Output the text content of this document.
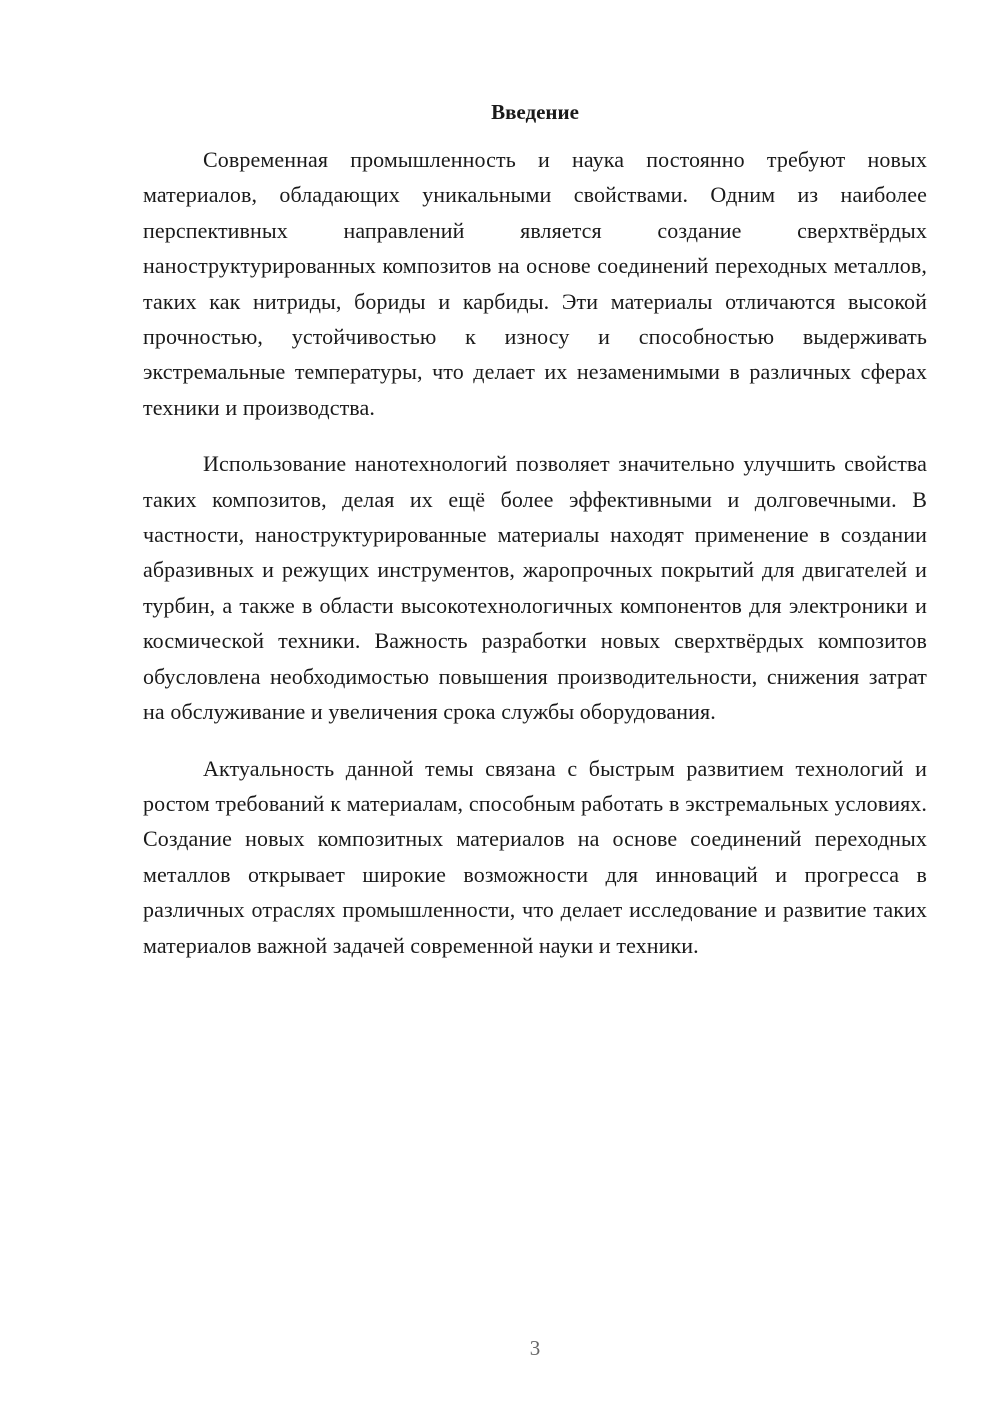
Введение

Современная промышленность и наука постоянно требуют новых материалов, обладающих уникальными свойствами. Одним из наиболее перспективных направлений является создание сверхтвёрдых наноструктурированных композитов на основе соединений переходных металлов, таких как нитриды, бориды и карбиды. Эти материалы отличаются высокой прочностью, устойчивостью к износу и способностью выдерживать экстремальные температуры, что делает их незаменимыми в различных сферах техники и производства.

Использование нанотехнологий позволяет значительно улучшить свойства таких композитов, делая их ещё более эффективными и долговечными. В частности, наноструктурированные материалы находят применение в создании абразивных и режущих инструментов, жаропрочных покрытий для двигателей и турбин, а также в области высокотехнологичных компонентов для электроники и космической техники. Важность разработки новых сверхтвёрдых композитов обусловлена необходимостью повышения производительности, снижения затрат на обслуживание и увеличения срока службы оборудования.

Актуальность данной темы связана с быстрым развитием технологий и ростом требований к материалам, способным работать в экстремальных условиях. Создание новых композитных материалов на основе соединений переходных металлов открывает широкие возможности для инноваций и прогресса в различных отраслях промышленности, что делает исследование и развитие таких материалов важной задачей современной науки и техники.

3
